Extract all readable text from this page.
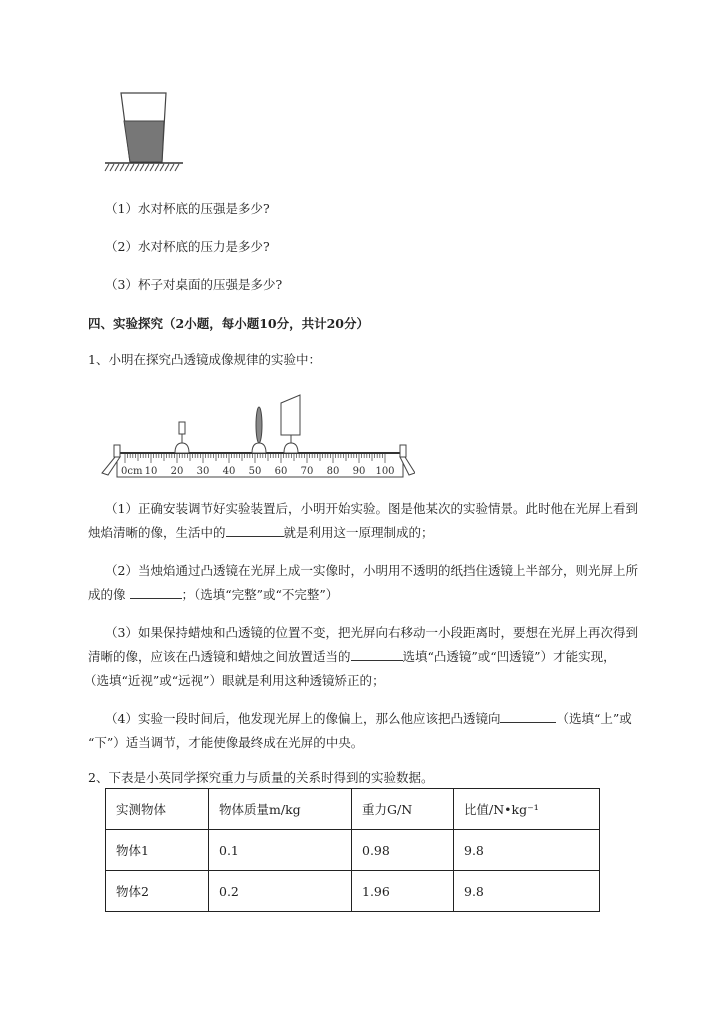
（1）水对杯底的压强是多少?
（2）水对杯底的压力是多少?
（3）杯子对桌面的压强是多少?
四、实验探究（2小题，每小题10分，共计20分）
1、小明在探究凸透镜成像规律的实验中：
0cm 10 20 30 40 50 60 70 80 90 100
（1）正确安装调节好实验装置后，小明开始实验。图是他某次的实验情景。此时他在光屏上看到
烛焰清晰的像，生活中的	就是利用这一原理制成的；
（2）当烛焰通过凸透镜在光屏上成一实像时，小明用不透明的纸挡住透镜上半部分，则光屏上所
成的像	；（选填“完整”或“不完整”）
（3）如果保持蜡烛和凸透镜的位置不变，把光屏向右移动一小段距离时，要想在光屏上再次得到
清晰的像，应该在凸透镜和蜡烛之间放置适当的	选填“凸透镜”或“凹透镜”）才能实现，
（选填“近视”或“远视”）眼就是利用这种透镜矫正的；
（4）实验一段时间后，他发现光屏上的像偏上，那么他应该把凸透镜向	（选填“上”或
“下”）适当调节，才能使像最终成在光屏的中央。
2、下表是小英同学探究重力与质量的关系时得到的实验数据。
实测物体	物体质量m/kg	重力G/N	比值/N•kg⁻¹
物体1	0.1	0.98	9.8
物体2	0.2	1.96	9.8
